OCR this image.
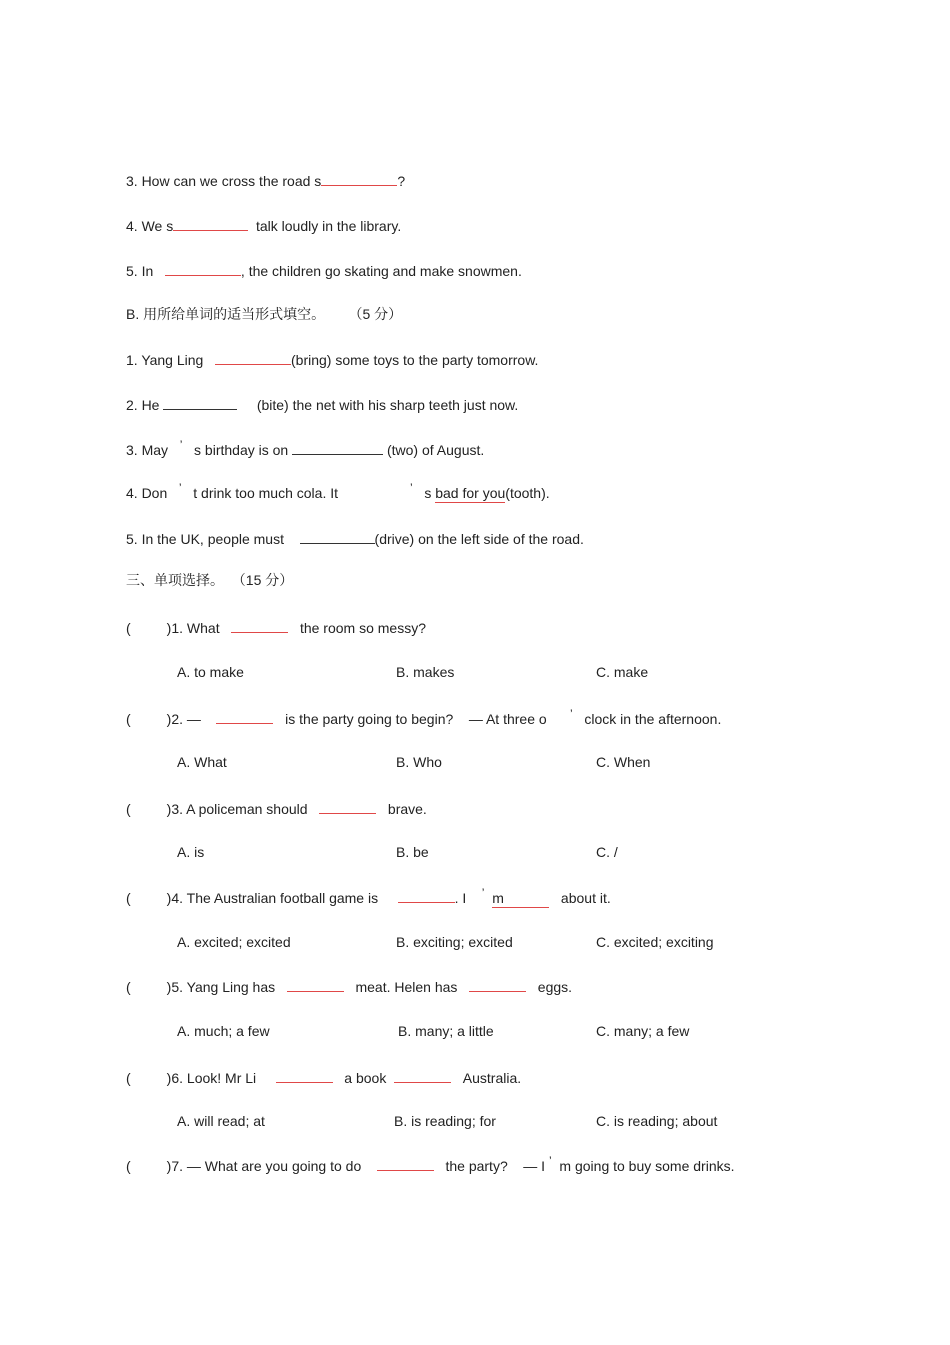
3. How can we cross the road s	?
4. We s	talk loudly in the library.
5. In	, the children go skating and make snowmen.
B. 用所给单词的适当形式填空。 （5 分）
1. Yang Ling	(bring) some toys to the party tomorrow.
2. He	(bite) the net with his sharp teeth just now.
3. May ’ s birthday is on	(two) of August.
4. Don ’ t drink too much cola. It	’ s bad for you(tooth).
5. In the UK, people must	(drive) on the left side of the road.
三、单项选择。 （15 分）
(	)1. What	the room so messy?
A. to make	B. makes	C. make
(	)2. —	is the party going to begin? — At three o ’ clock in the afternoon.
A. What	B. Who	C. When
(	)3. A policeman should	brave.
A. is	B. be	C. /
(	)4. The Australian football game is	. I ’ m	about it.
A. excited; excited	B. exciting; excited	C. excited; exciting
(	)5. Yang Ling has	meat. Helen has	eggs.
A. much; a few	B. many; a little	C. many; a few
(	)6. Look! Mr Li	a book	Australia.
A. will read; at	B. is reading; for	C. is reading; about
(	)7. — What are you going to do	the party? — I ’ m going to buy some drinks.
